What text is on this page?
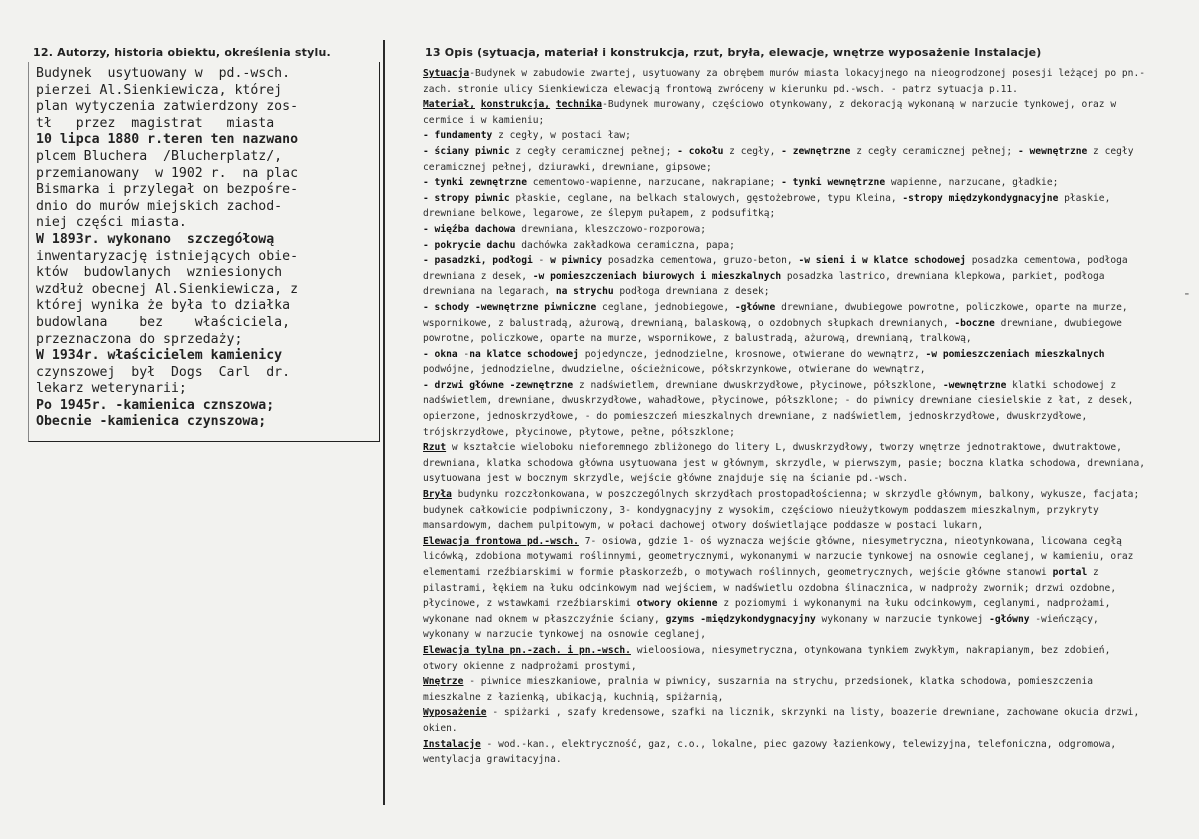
12. Autorzy, historia obiektu, określenia stylu.	13 Opis (sytuacja, materiał i konstrukcja, rzut, bryła, elewacje, wnętrze wyposażenie Instalacje)
Budynek  usytuowany w  pd.-wsch.
pierzei Al.Sienkiewicza, której
plan wytyczenia zatwierdzony zos-
tł   przez  magistrat   miasta
10 lipca 1880 r.teren ten nazwano
plcem Bluchera  /Blucherplatz/,
przemianowany  w 1902 r.  na plac
Bismarka i przylegał on bezpośre-
dnio do murów miejskich zachod-
niej części miasta.
W 1893r. wykonano  szczegółową
inwentaryzację istniejących obie-
któw  budowlanych  wzniesionych
wzdłuż obecnej Al.Sienkiewicza, z
której wynika że była to działka
budowlana    bez    właściciela,
przeznaczona do sprzedaży;
W 1934r. właścicielem kamienicy
czynszowej  był  Dogs  Carl  dr.
lekarz weterynarii;
Po 1945r. -kamienica cznszowa;
Obecnie -kamienica czynszowa;
Sytuacja-Budynek w zabudowie zwartej, usytuowany za obrębem murów miasta lokacyjnego na nieogrodzonej posesji leżącej po pn.-
zach. stronie ulicy Sienkiewicza elewacją frontową zwróceny w kierunku pd.-wsch. - patrz sytuacja p.11.
Materiał, konstrukcja, technika-Budynek murowany, częściowo otynkowany, z dekoracją wykonaną w narzucie tynkowej, oraz w
cermice i w kamieniu;
- fundamenty z cegły, w postaci ław;
- ściany piwnic z cegły ceramicznej pełnej; - cokołu z cegły, - zewnętrzne z cegły ceramicznej pełnej; - wewnętrzne z cegły
ceramicznej pełnej, dziurawki, drewniane, gipsowe;
- tynki zewnętrzne cementowo-wapienne, narzucane, nakrapiane; - tynki wewnętrzne wapienne, narzucane, gładkie;
- stropy piwnic płaskie, ceglane, na belkach stalowych, gęstożebrowe, typu Kleina, -stropy międzykondygnacyjne płaskie,
drewniane belkowe, legarowe, ze ślepym pułapem, z podsufitką;
- więźba dachowa drewniana, kleszczowo-rozporowa;
- pokrycie dachu dachówka zakładkowa ceramiczna, papa;
- pasadzki, podłogi - w piwnicy posadzka cementowa, gruzo-beton, -w sieni i w klatce schodowej posadzka cementowa, podłoga
drewniana z desek, -w pomieszczeniach biurowych i mieszkalnych posadzka lastrico, drewniana klepkowa, parkiet, podłoga
drewniana na legarach, na strychu podłoga drewniana z desek;
- schody -wewnętrzne piwniczne ceglane, jednobiegowe, -główne drewniane, dwubiegowe powrotne, policzkowe, oparte na murze,
wspornikowe, z balustradą, ażurową, drewnianą, balaskową, o ozdobnych słupkach drewnianych, -boczne drewniane, dwubiegowe
powrotne, policzkowe, oparte na murze, wspornikowe, z balustradą, ażurową, drewnianą, tralkową,
- okna -na klatce schodowej pojedyncze, jednodzielne, krosnowe, otwierane do wewnątrz, -w pomieszczeniach mieszkalnych
podwójne, jednodzielne, dwudzielne, ościeżnicowe, półskrzynkowe, otwierane do wewnątrz,
- drzwi główne -zewnętrzne z nadświetlem, drewniane dwuskrzydłowe, płycinowe, półszklone, -wewnętrzne klatki schodowej z
nadświetlem, drewniane, dwuskrzydłowe, wahadłowe, płycinowe, półszklone; - do piwnicy drewniane ciesielskie z łat, z desek,
opierzone, jednoskrzydłowe, - do pomieszczeń mieszkalnych drewniane, z nadświetlem, jednoskrzydłowe, dwuskrzydłowe,
trójskrzydłowe, płycinowe, płytowe, pełne, półszklone;
Rzut w kształcie wieloboku nieforemnego zbliżonego do litery L, dwuskrzydłowy, tworzy wnętrze jednotraktowe, dwutraktowe,
drewniana, klatka schodowa główna usytuowana jest w głównym, skrzydle, w pierwszym, pasie; boczna klatka schodowa, drewniana,
usytuowana jest w bocznym skrzydle, wejście główne znajduje się na ścianie pd.-wsch.
Bryła budynku rozczłonkowana, w poszczególnych skrzydłach prostopadłościenna; w skrzydle głównym, balkony, wykusze, facjata;
budynek całkowicie podpiwniczony, 3- kondygnacyjny z wysokim, częściowo nieużytkowym poddaszem mieszkalnym, przykryty
mansardowym, dachem pulpitowym, w połaci dachowej otwory doświetlające poddasze w postaci lukarn,
Elewacja frontowa pd.-wsch. 7- osiowa, gdzie 1- oś wyznacza wejście główne, niesymetryczna, nieotynkowana, licowana cegłą
licówką, zdobiona motywami roślinnymi, geometrycznymi, wykonanymi w narzucie tynkowej na osnowie ceglanej, w kamieniu, oraz
elementami rzeźbiarskimi w formie płaskorzeźb, o motywach roślinnych, geometrycznych, wejście główne stanowi portal z
pilastrami, łękiem na łuku odcinkowym nad wejściem, w nadświetlu ozdobna ślinacznica, w nadproży zwornik; drzwi ozdobne,
płycinowe, z wstawkami rzeźbiarskimi otwory okienne z poziomymi i wykonanymi na łuku odcinkowym, ceglanymi, nadprożami,
wykonane nad oknem w płaszczyźnie ściany, gzyms -międzykondygnacyjny wykonany w narzucie tynkowej -główny -wieńczący,
wykonany w narzucie tynkowej na osnowie ceglanej,
Elewacja tylna pn.-zach. i pn.-wsch. wieloosiowa, niesymetryczna, otynkowana tynkiem zwykłym, nakrapianym, bez zdobień,
otwory okienne z nadprożami prostymi,
Wnętrze - piwnice mieszkaniowe, pralnia w piwnicy, suszarnia na strychu, przedsionek, klatka schodowa, pomieszczenia
mieszkalne z łazienką, ubikacją, kuchnią, spiżarnią,
Wyposażenie - spiżarki , szafy kredensowe, szafki na licznik, skrzynki na listy, boazerie drewniane, zachowane okucia drzwi,
okien.
Instalacje - wod.-kan., elektryczność, gaz, c.o., lokalne, piec gazowy łazienkowy, telewizyjna, telefoniczna, odgromowa,
wentylacja grawitacyjna.
-
